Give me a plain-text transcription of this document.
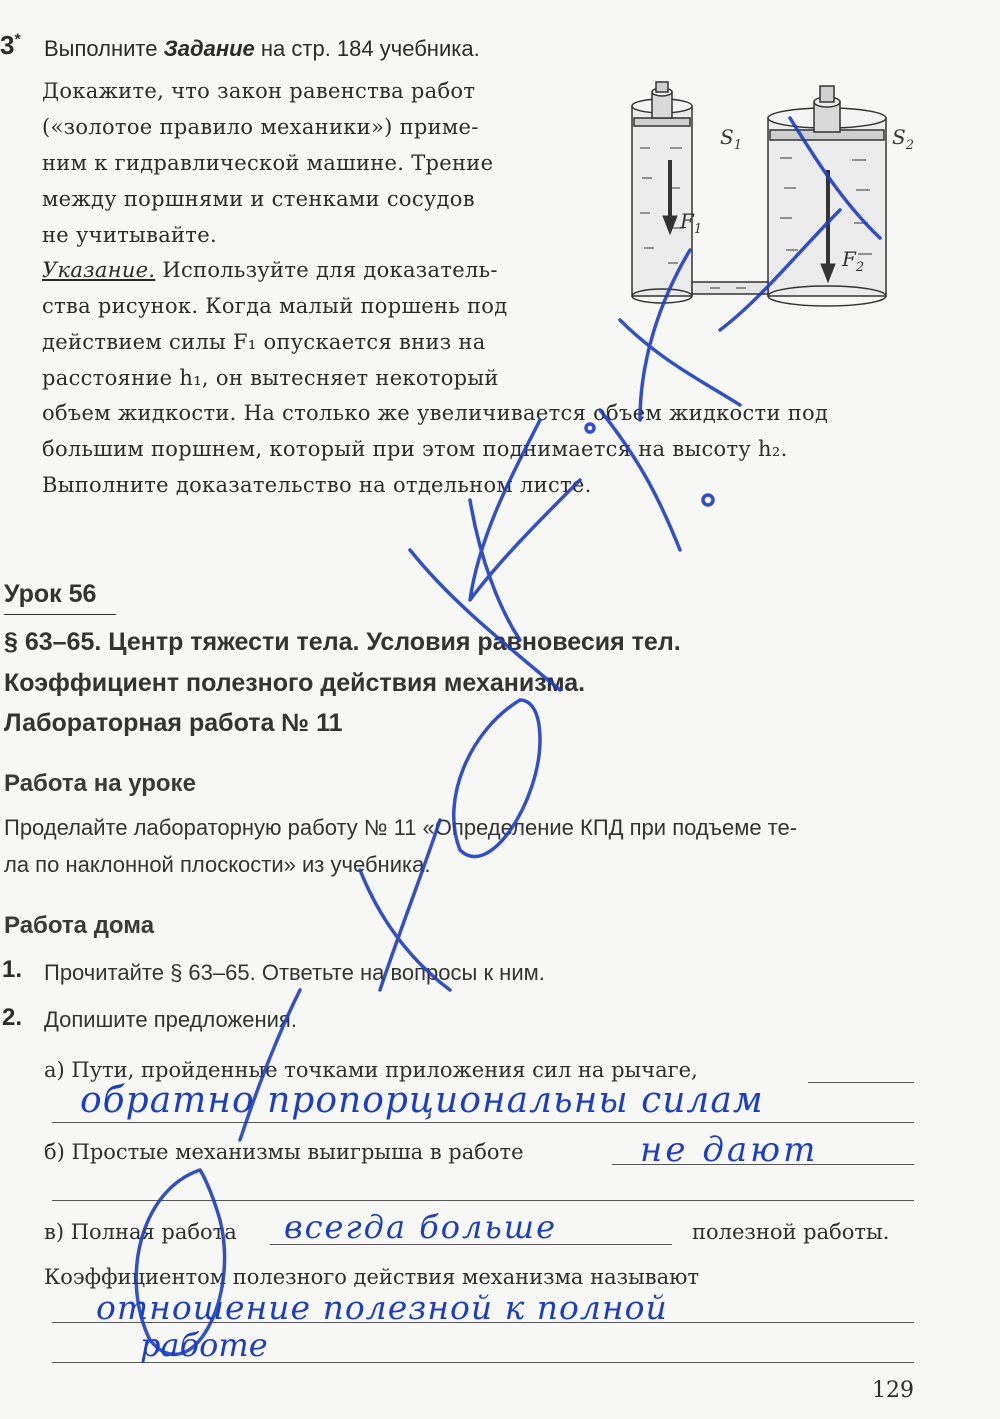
3* Выполните Задание на стр. 184 учебника.
Докажите, что закон равенства работ
(«золотое правило механики») приме-
ним к гидравлической машине. Трение
между поршнями и стенками сосудов
не учитывайте.
Указание. Используйте для доказатель-
ства рисунок. Когда малый поршень под
действием силы F₁ опускается вниз на
расстояние h₁, он вытесняет некоторый
объем жидкости. На столько же увеличивается объем жидкости под
большим поршнем, который при этом поднимается на высоту h₂.
Выполните доказательство на отдельном листе.
$S_1$	$S_2$
$F_1$
$F_2$
Урок 56
§ 63–65. Центр тяжести тела. Условия равновесия тел.
Коэффициент полезного действия механизма.
Лабораторная работа № 11
Работа на уроке
Проделайте лабораторную работу № 11 «Определение КПД при подъеме те-
ла по наклонной плоскости» из учебника.
Работа дома
1. Прочитайте § 63–65. Ответьте на вопросы к ним.
2. Допишите предложения.
а) Пути, пройденные точками приложения сил на рычаге,
обратно пропорциональны силам
б) Простые механизмы выигрыша в работе	не дают
в) Полная работа всегда больше	полезной работы.
Коэффициентом полезного действия механизма называют
отношение полезной к полной
работе
129
